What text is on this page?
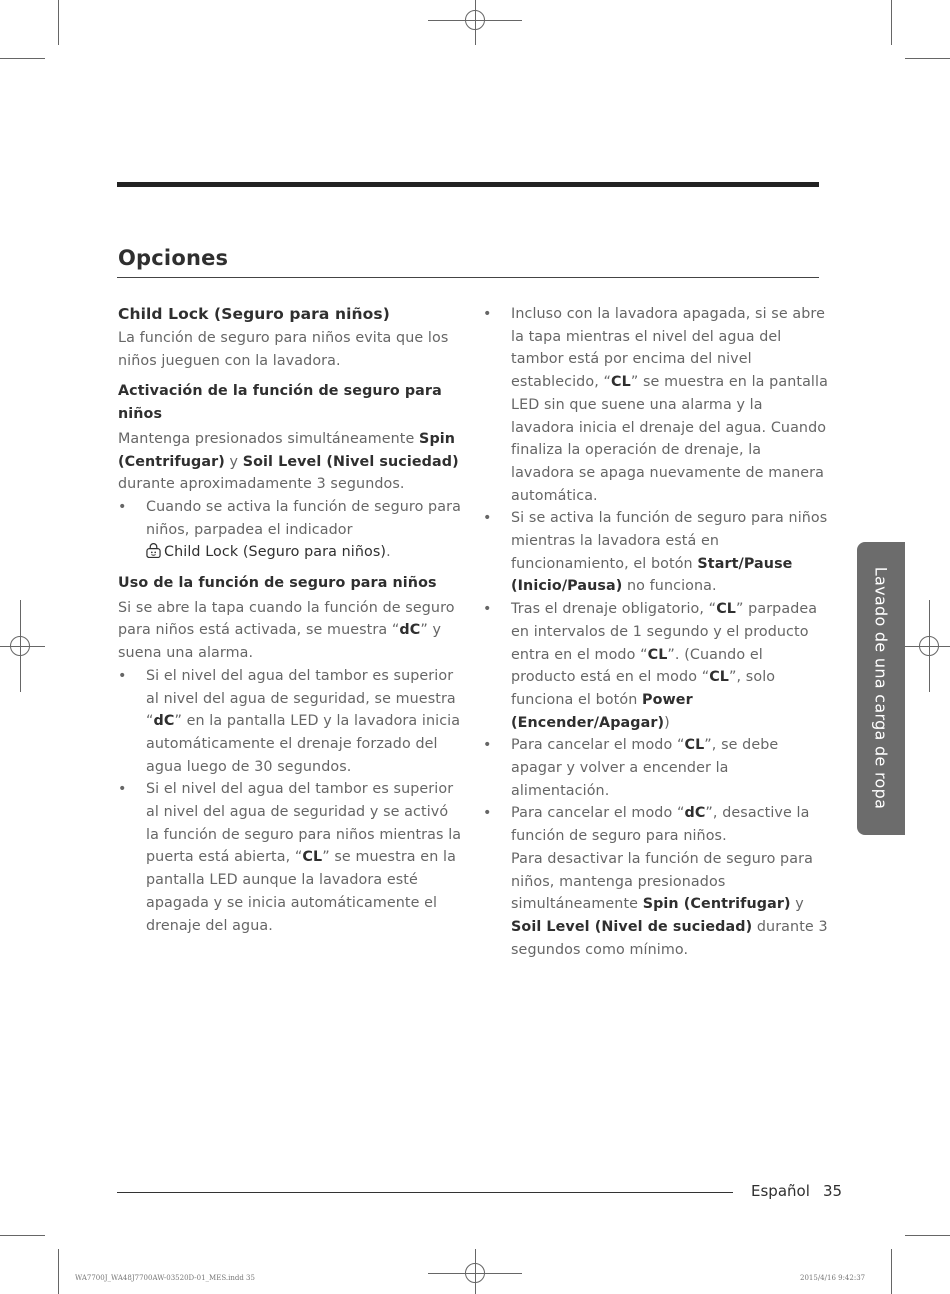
Opciones
Child Lock (Seguro para niños)

La función de seguro para niños evita que los niños jueguen con la lavadora.

Activación de la función de seguro para niños

Mantenga presionados simultáneamente Spin (Centrifugar) y Soil Level (Nivel suciedad) durante aproximadamente 3 segundos.

• Cuando se activa la función de seguro para niños, parpadea el indicador
Child Lock (Seguro para niños).
Uso de la función de seguro para niños

Si se abre la tapa cuando la función de seguro para niños está activada, se muestra “dC” y suena una alarma.

• Si el nivel del agua del tambor es superior al nivel del agua de seguridad, se muestra “dC” en la pantalla LED y la lavadora inicia automáticamente el drenaje forzado del agua luego de 30 segundos.
• Si el nivel del agua del tambor es superior al nivel del agua de seguridad y se activó la función de seguro para niños mientras la puerta está abierta, “CL” se muestra en la pantalla LED aunque la lavadora esté apagada y se inicia automáticamente el drenaje del agua.
• Incluso con la lavadora apagada, si se abre la tapa mientras el nivel del agua del tambor está por encima del nivel establecido, “CL” se muestra en la pantalla LED sin que suene una alarma y la lavadora inicia el drenaje del agua. Cuando finaliza la operación de drenaje, la lavadora se apaga nuevamente de manera automática.
• Si se activa la función de seguro para niños mientras la lavadora está en funcionamiento, el botón Start/Pause (Inicio/Pausa) no funciona.
• Tras el drenaje obligatorio, “CL” parpadea en intervalos de 1 segundo y el producto entra en el modo “CL”. (Cuando el producto está en el modo “CL”, solo funciona el botón Power (Encender/Apagar))
• Para cancelar el modo “CL”, se debe apagar y volver a encender la alimentación.
• Para cancelar el modo “dC”, desactive la función de seguro para niños.
Para desactivar la función de seguro para niños, mantenga presionados simultáneamente Spin (Centrifugar) y Soil Level (Nivel de suciedad) durante 3 segundos como mínimo.
Lavado de una carga de ropa
Español 35
WA7700J_WA48J7700AW-03520D-01_MES.indd 35	2015/4/16 9:42:37
